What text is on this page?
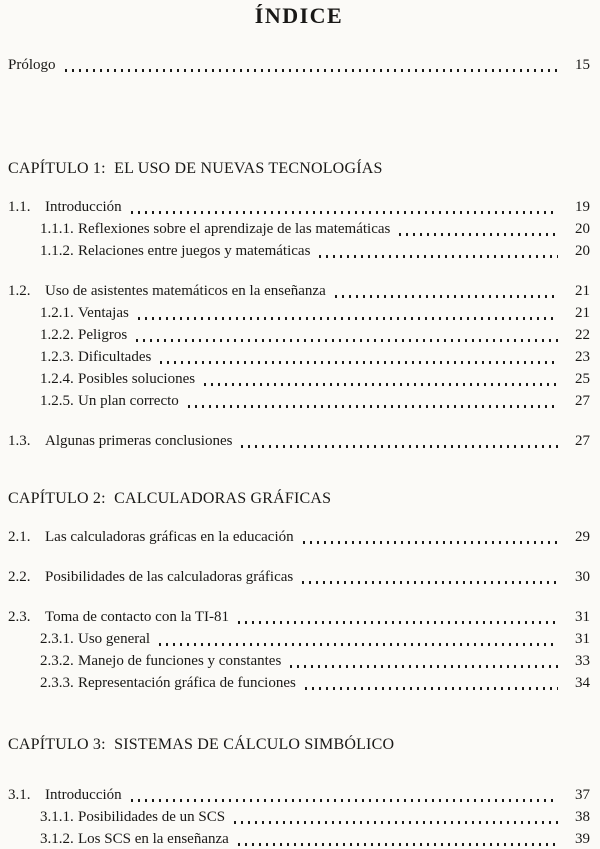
ÍNDICE
Prólogo	15
CAPÍTULO 1:  EL USO DE NUEVAS TECNOLOGÍAS
1.1. Introducción	19
1.1.1. Reflexiones sobre el aprendizaje de las matemáticas	20
1.1.2. Relaciones entre juegos y matemáticas	20
1.2. Uso de asistentes matemáticos en la enseñanza	21
1.2.1. Ventajas	21
1.2.2. Peligros	22
1.2.3. Dificultades	23
1.2.4. Posibles soluciones	25
1.2.5. Un plan correcto	27
1.3. Algunas primeras conclusiones	27
CAPÍTULO 2:  CALCULADORAS GRÁFICAS
2.1. Las calculadoras gráficas en la educación	29
2.2. Posibilidades de las calculadoras gráficas	30
2.3. Toma de contacto con la TI-81	31
2.3.1. Uso general	31
2.3.2. Manejo de funciones y constantes	33
2.3.3. Representación gráfica de funciones	34
CAPÍTULO 3:  SISTEMAS DE CÁLCULO SIMBÓLICO
3.1. Introducción	37
3.1.1. Posibilidades de un SCS	38
3.1.2. Los SCS en la enseñanza	39
